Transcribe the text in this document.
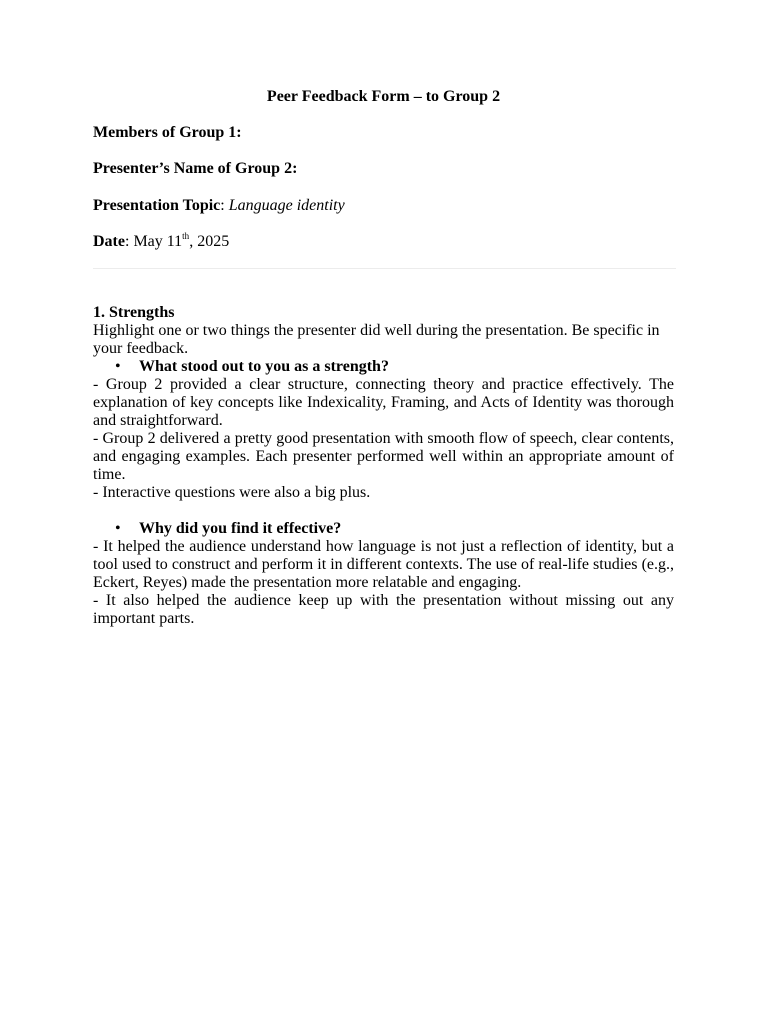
Peer Feedback Form – to Group 2

Members of Group 1:

Presenter’s Name of Group 2:

Presentation Topic: Language identity

Date: May 11th, 2025

1. Strengths

Highlight one or two things the presenter did well during the presentation. Be specific in your feedback.

• What stood out to you as a strength?

- Group 2 provided a clear structure, connecting theory and practice effectively. The explanation of key concepts like Indexicality, Framing, and Acts of Identity was thorough and straightforward.

- Group 2 delivered a pretty good presentation with smooth flow of speech, clear contents, and engaging examples. Each presenter performed well within an appropriate amount of time.

- Interactive questions were also a big plus.

• Why did you find it effective?

- It helped the audience understand how language is not just a reflection of identity, but a tool used to construct and perform it in different contexts. The use of real-life studies (e.g., Eckert, Reyes) made the presentation more relatable and engaging.

- It also helped the audience keep up with the presentation without missing out any important parts.
